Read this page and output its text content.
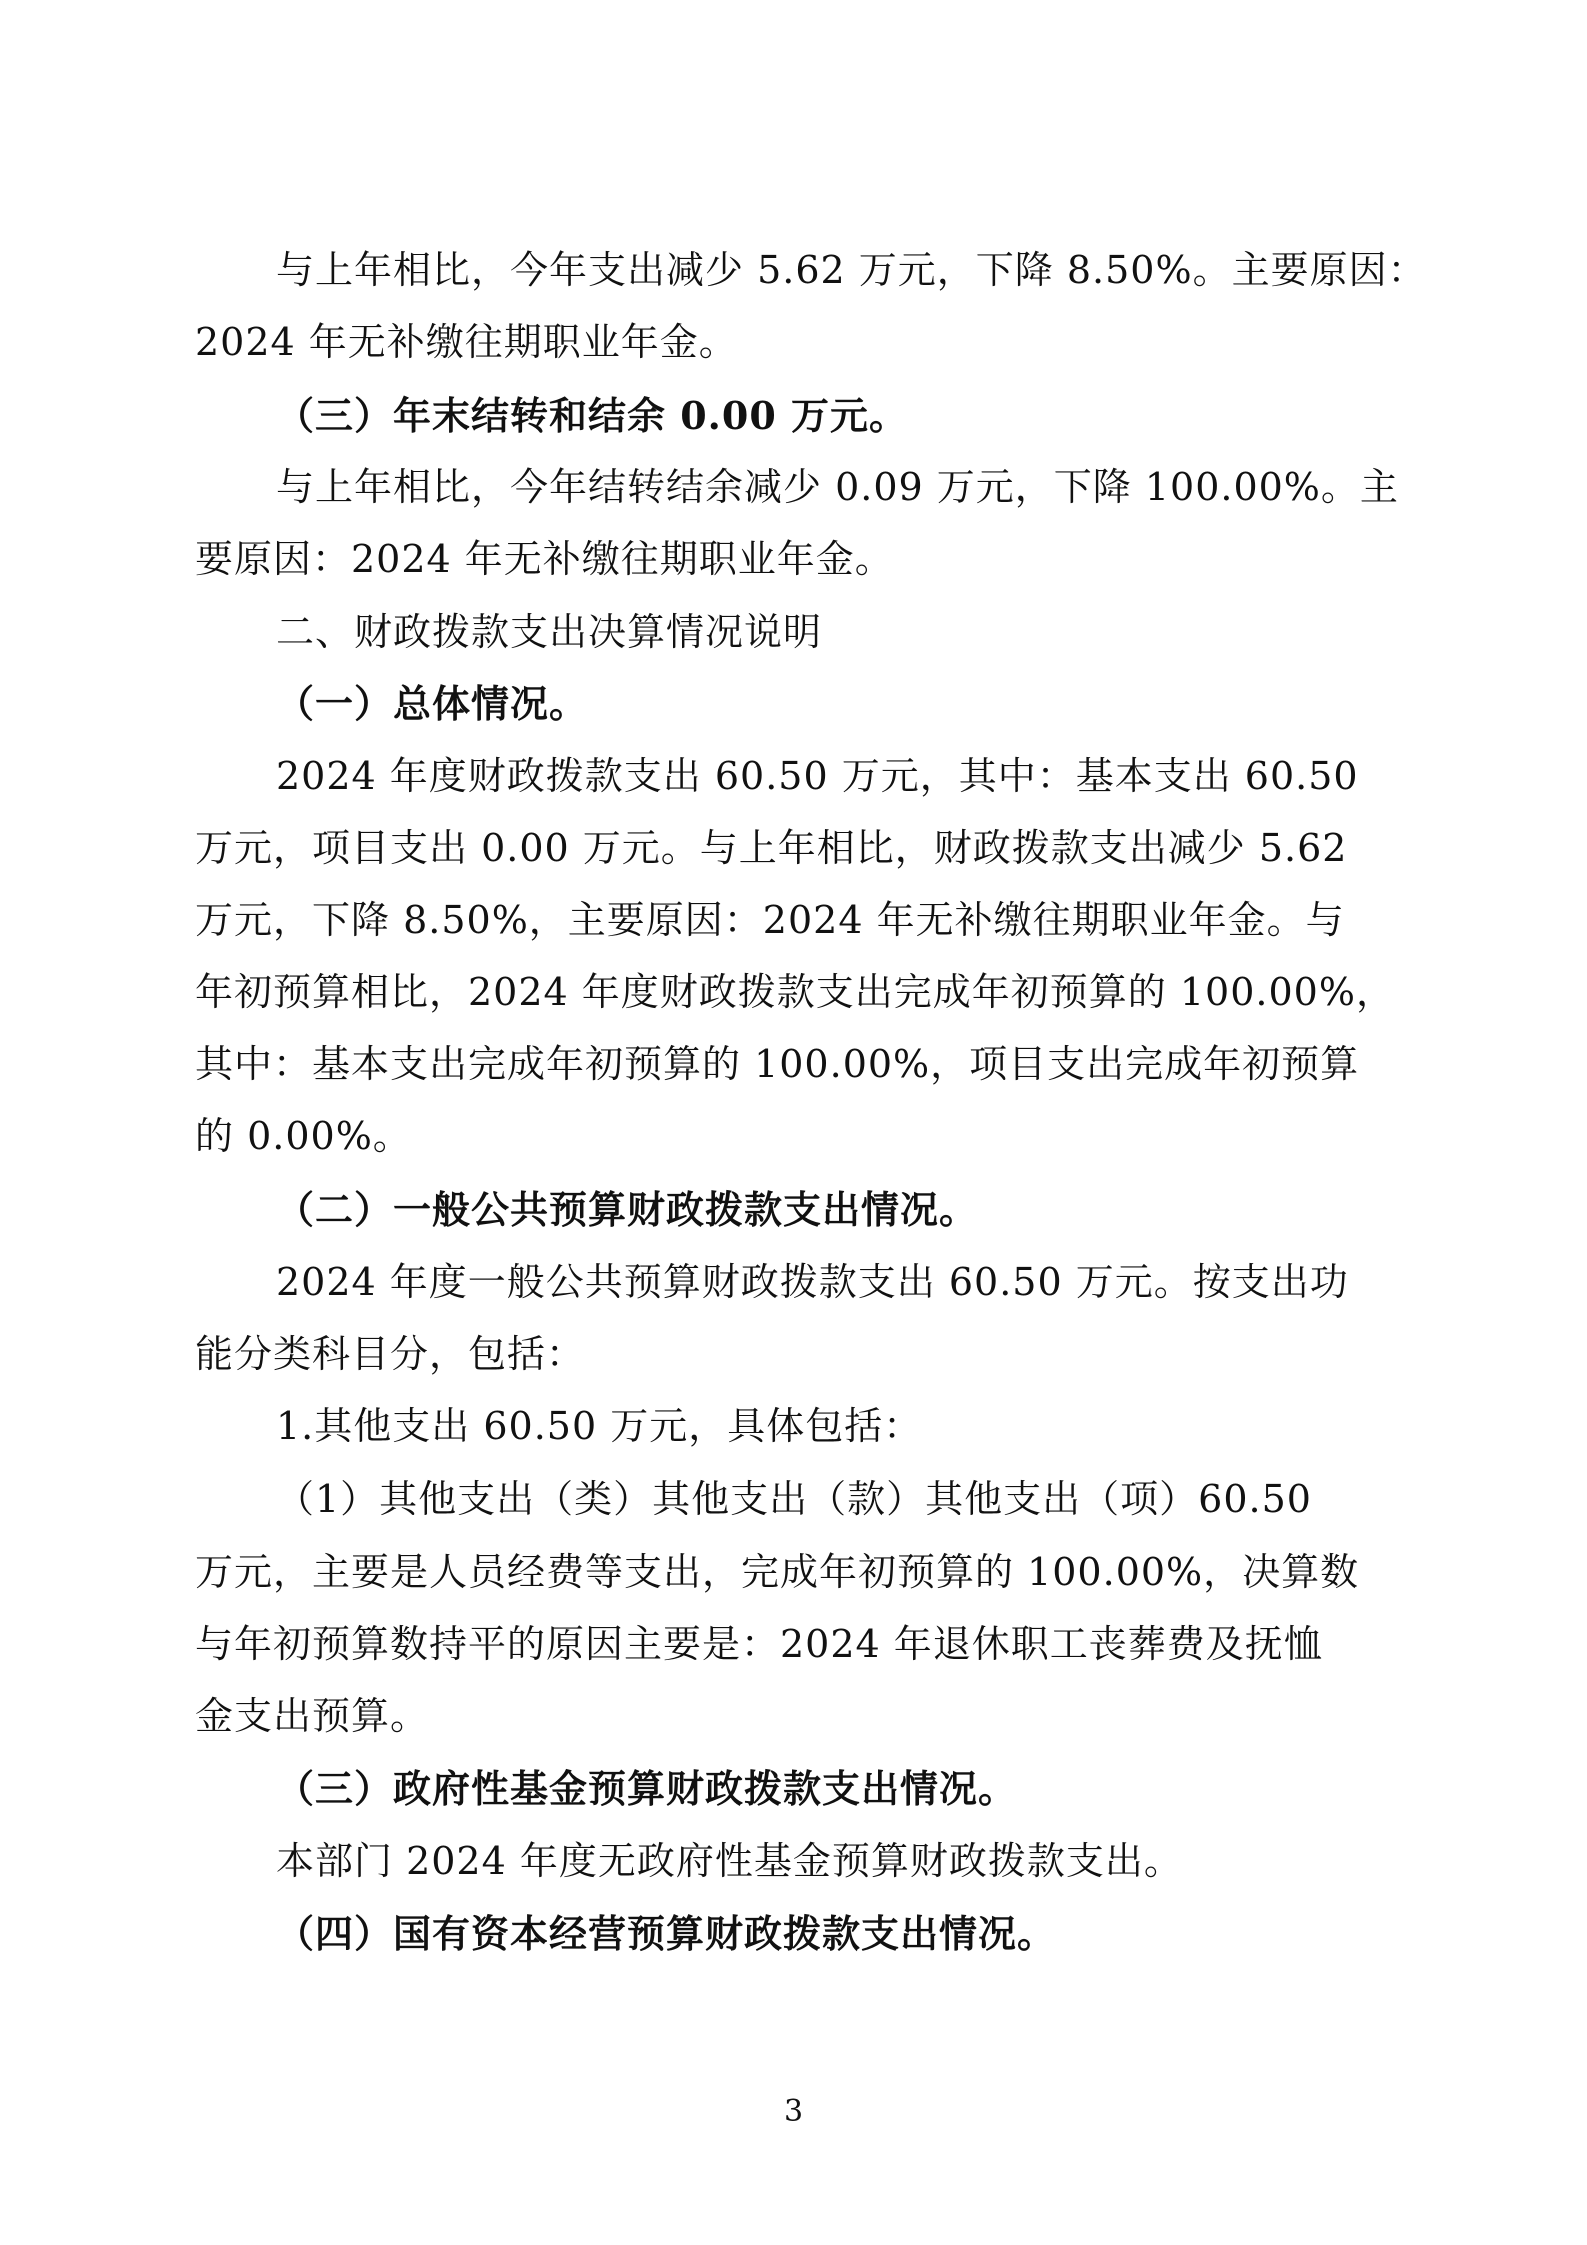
与上年相比，今年支出减少 5.62 万元，下降 8.50%。主要原因：
2024 年无补缴往期职业年金。
（三）年末结转和结余 0.00 万元。
与上年相比，今年结转结余减少 0.09 万元，下降 100.00%。主
要原因：2024 年无补缴往期职业年金。
二、财政拨款支出决算情况说明
（一）总体情况。
2024 年度财政拨款支出 60.50 万元，其中：基本支出 60.50
万元，项目支出 0.00 万元。与上年相比，财政拨款支出减少 5.62
万元，下降 8.50%，主要原因：2024 年无补缴往期职业年金。与
年初预算相比，2024 年度财政拨款支出完成年初预算的 100.00%，
其中：基本支出完成年初预算的 100.00%，项目支出完成年初预算
的 0.00%。
（二）一般公共预算财政拨款支出情况。
2024 年度一般公共预算财政拨款支出 60.50 万元。按支出功
能分类科目分，包括：
1.其他支出 60.50 万元，具体包括：
（1）其他支出（类）其他支出（款）其他支出（项）60.50
万元，主要是人员经费等支出，完成年初预算的 100.00%，决算数
与年初预算数持平的原因主要是：2024 年退休职工丧葬费及抚恤
金支出预算。
（三）政府性基金预算财政拨款支出情况。
本部门 2024 年度无政府性基金预算财政拨款支出。
（四）国有资本经营预算财政拨款支出情况。
3
